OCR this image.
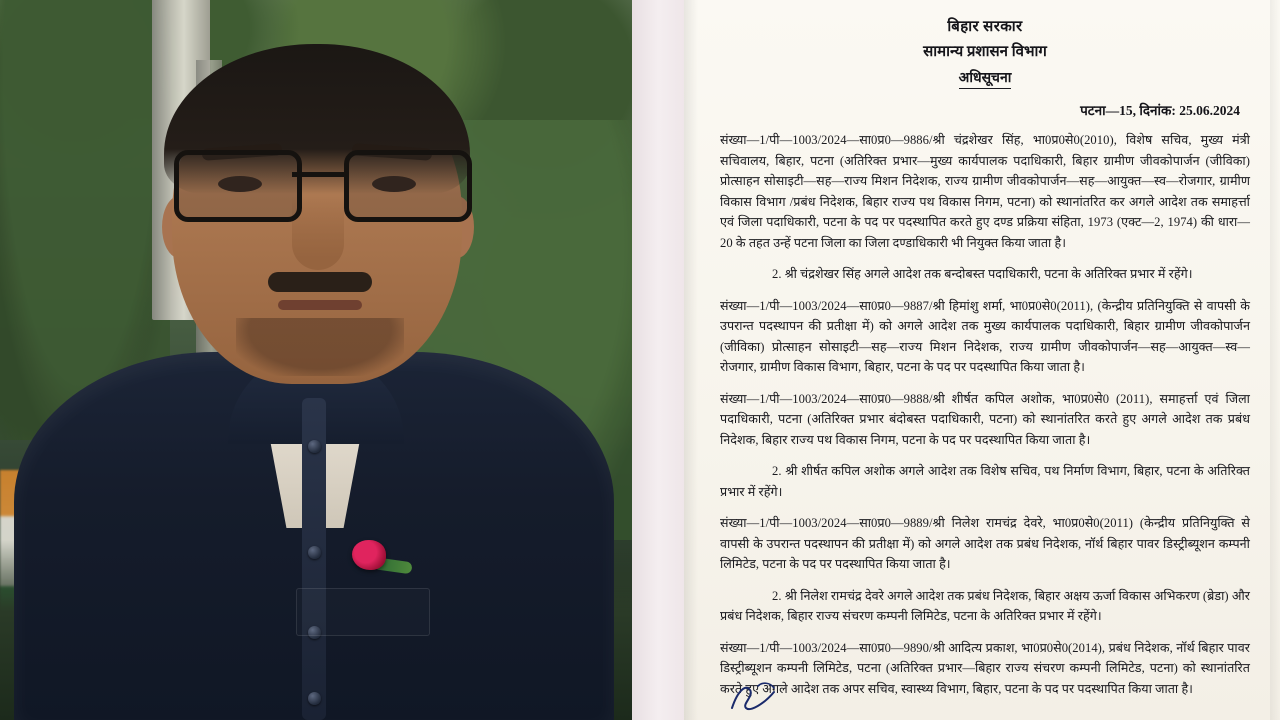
बिहार सरकार
सामान्य प्रशासन विभाग
अधिसूचना
पटना—15, दिनांक: 25.06.2024
संख्या—1/पी—1003/2024—सा0प्र0—9886/श्री चंद्रशेखर सिंह, भा0प्र0से0(2010), विशेष सचिव, मुख्य मंत्री सचिवालय, बिहार, पटना (अतिरिक्त प्रभार—मुख्य कार्यपालक पदाधिकारी, बिहार ग्रामीण जीवकोपार्जन (जीविका) प्रोत्साहन सोसाइटी—सह—राज्य मिशन निदेशक, राज्य ग्रामीण जीवकोपार्जन—सह—आयुक्त—स्व—रोजगार, ग्रामीण विकास विभाग /प्रबंध निदेशक, बिहार राज्य पथ विकास निगम, पटना) को स्थानांतरित कर अगले आदेश तक समाहर्त्ता एवं जिला पदाधिकारी, पटना के पद पर पदस्थापित करते हुए दण्ड प्रक्रिया संहिता, 1973 (एक्ट—2, 1974) की धारा—20 के तहत उन्हें पटना जिला का जिला दण्डाधिकारी भी नियुक्त किया जाता है।
2. श्री चंद्रशेखर सिंह अगले आदेश तक बन्दोबस्त पदाधिकारी, पटना के अतिरिक्त प्रभार में रहेंगे।
संख्या—1/पी—1003/2024—सा0प्र0—9887/श्री हिमांशु शर्मा, भा0प्र0से0(2011), (केन्द्रीय प्रतिनियुक्ति से वापसी के उपरान्त पदस्थापन की प्रतीक्षा में) को अगले आदेश तक मुख्य कार्यपालक पदाधिकारी, बिहार ग्रामीण जीवकोपार्जन (जीविका) प्रोत्साहन सोसाइटी—सह—राज्य मिशन निदेशक, राज्य ग्रामीण जीवकोपार्जन—सह—आयुक्त—स्व—रोजगार, ग्रामीण विकास विभाग, बिहार, पटना के पद पर पदस्थापित किया जाता है।
संख्या—1/पी—1003/2024—सा0प्र0—9888/श्री शीर्षत कपिल अशोक, भा0प्र0से0 (2011), समाहर्त्ता एवं जिला पदाधिकारी, पटना (अतिरिक्त प्रभार बंदोबस्त पदाधिकारी, पटना) को स्थानांतरित करते हुए अगले आदेश तक प्रबंध निदेशक, बिहार राज्य पथ विकास निगम, पटना के पद पर पदस्थापित किया जाता है।
2. श्री शीर्षत कपिल अशोक अगले आदेश तक विशेष सचिव, पथ निर्माण विभाग, बिहार, पटना के अतिरिक्त प्रभार में रहेंगे।
संख्या—1/पी—1003/2024—सा0प्र0—9889/श्री निलेश रामचंद्र देवरे, भा0प्र0से0(2011) (केन्द्रीय प्रतिनियुक्ति से वापसी के उपरान्त पदस्थापन की प्रतीक्षा में) को अगले आदेश तक प्रबंध निदेशक, नॉर्थ बिहार पावर डिस्ट्रीब्यूशन कम्पनी लिमिटेड, पटना के पद पर पदस्थापित किया जाता है।
2. श्री निलेश रामचंद्र देवरे अगले आदेश तक प्रबंध निदेशक, बिहार अक्षय ऊर्जा विकास अभिकरण (ब्रेडा) और प्रबंध निदेशक, बिहार राज्य संचरण कम्पनी लिमिटेड, पटना के अतिरिक्त प्रभार में रहेंगे।
संख्या—1/पी—1003/2024—सा0प्र0—9890/श्री आदित्य प्रकाश, भा0प्र0से0(2014), प्रबंध निदेशक, नॉर्थ बिहार पावर डिस्ट्रीब्यूशन कम्पनी लिमिटेड, पटना (अतिरिक्त प्रभार—बिहार राज्य संचरण कम्पनी लिमिटेड, पटना) को स्थानांतरित करते हुए अगले आदेश तक अपर सचिव, स्वास्थ्य विभाग, बिहार, पटना के पद पर पदस्थापित किया जाता है।
